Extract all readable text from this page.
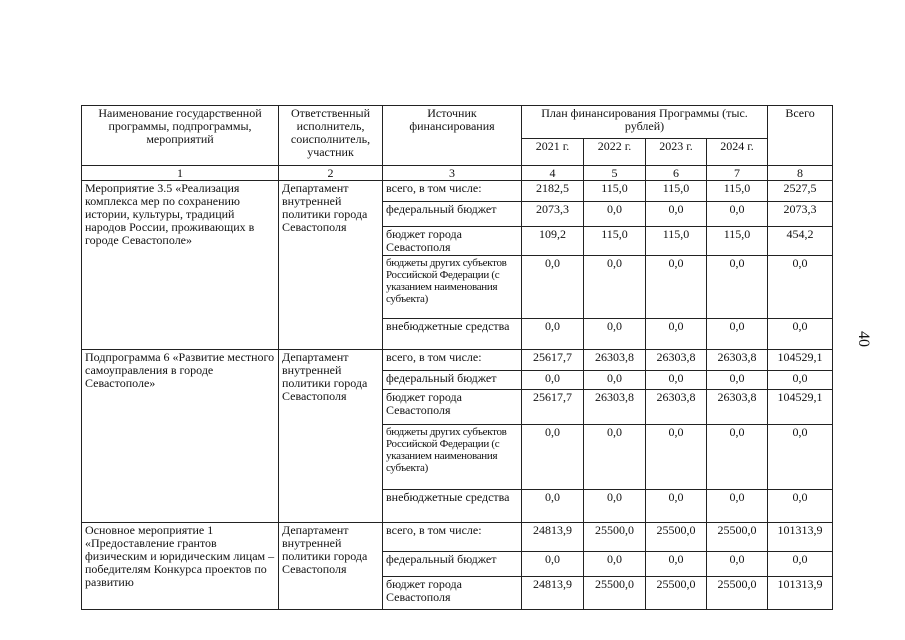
Наименование государственной программы, подпрограммы, мероприятий	Ответственный исполнитель, соисполнитель, участник	Источник финансирования	План финансирования Программы (тыс. рублей)				Всего
			2021 г.	2022 г.	2023 г.	2024 г.	
1	2	3	4	5	6	7	8
Мероприятие 3.5 «Реализация комплекса мер по сохранению истории, культуры, традиций народов России, проживающих в городе Севастополе»	Департамент внутренней политики города Севастополя	всего, в том числе:	2182,5	115,0	115,0	115,0	2527,5
		федеральный бюджет	2073,3	0,0	0,0	0,0	2073,3
		бюджет города Севастополя	109,2	115,0	115,0	115,0	454,2
		бюджеты других субъектов Российской Федерации (с указанием наименования субъекта)	0,0	0,0	0,0	0,0	0,0
		внебюджетные средства	0,0	0,0	0,0	0,0	0,0
Подпрограмма 6 «Развитие местного самоуправления в городе Севастополе»	Департамент внутренней политики города Севастополя	всего, в том числе:	25617,7	26303,8	26303,8	26303,8	104529,1
		федеральный бюджет	0,0	0,0	0,0	0,0	0,0
		бюджет города Севастополя	25617,7	26303,8	26303,8	26303,8	104529,1
		бюджеты других субъектов Российской Федерации (с указанием наименования субъекта)	0,0	0,0	0,0	0,0	0,0
		внебюджетные средства	0,0	0,0	0,0	0,0	0,0
Основное мероприятие 1 «Предоставление грантов физическим и юридическим лицам – победителям Конкурса проектов по развитию	Департамент внутренней политики города Севастополя	всего, в том числе:	24813,9	25500,0	25500,0	25500,0	101313,9
		федеральный бюджет	0,0	0,0	0,0	0,0	0,0
		бюджет города Севастополя	24813,9	25500,0	25500,0	25500,0	101313,9
40
